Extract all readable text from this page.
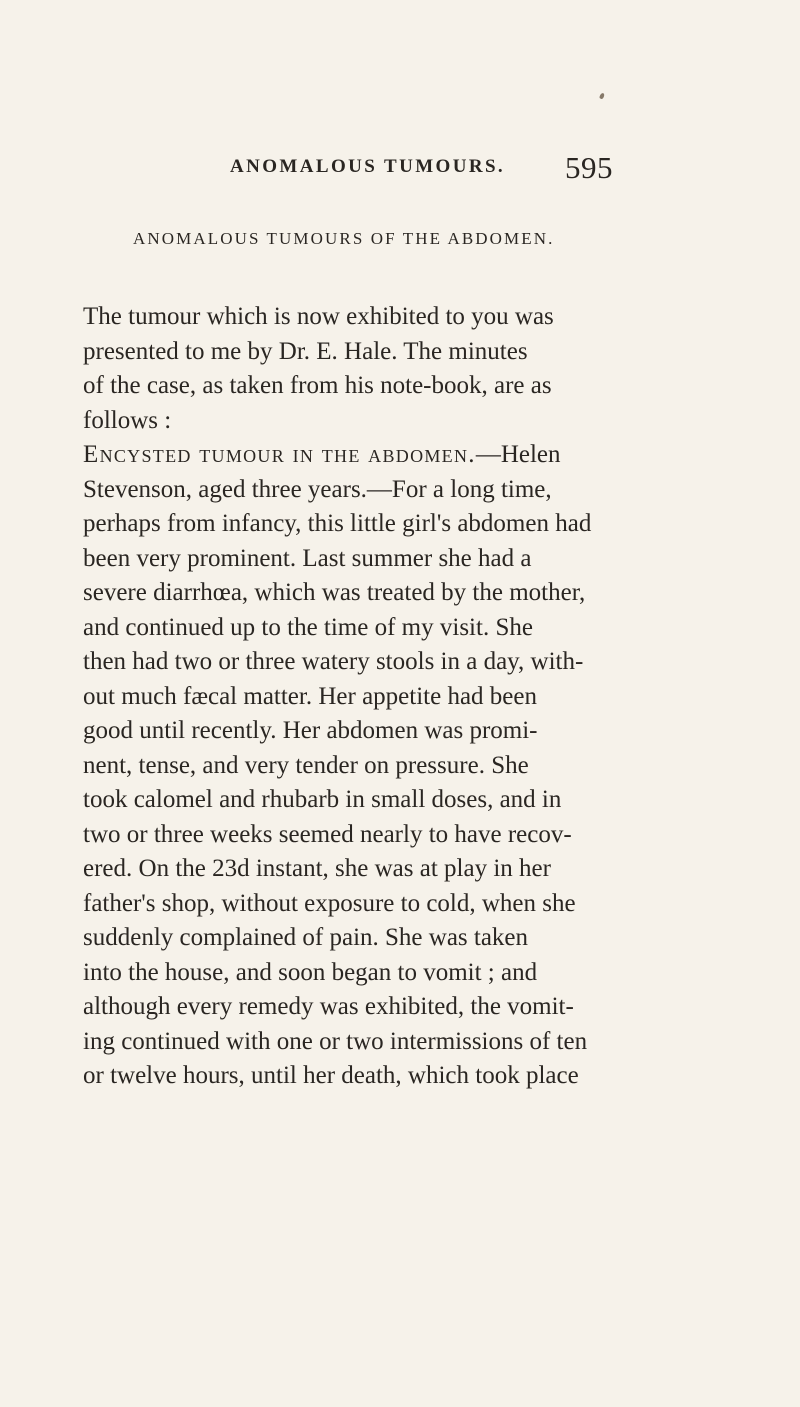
ANOMALOUS TUMOURS. 595
ANOMALOUS TUMOURS OF THE ABDOMEN.
The tumour which is now exhibited to you was
presented to me by Dr. E. Hale. The minutes
of the case, as taken from his note-book, are as
follows :
Encysted tumour in the abdomen.—Helen
Stevenson, aged three years.—For a long time,
perhaps from infancy, this little girl's abdomen had
been very prominent. Last summer she had a
severe diarrhœa, which was treated by the mother,
and continued up to the time of my visit. She
then had two or three watery stools in a day, with-
out much fæcal matter. Her appetite had been
good until recently. Her abdomen was promi-
nent, tense, and very tender on pressure. She
took calomel and rhubarb in small doses, and in
two or three weeks seemed nearly to have recov-
ered. On the 23d instant, she was at play in her
father's shop, without exposure to cold, when she
suddenly complained of pain. She was taken
into the house, and soon began to vomit ; and
although every remedy was exhibited, the vomit-
ing continued with one or two intermissions of ten
or twelve hours, until her death, which took place
